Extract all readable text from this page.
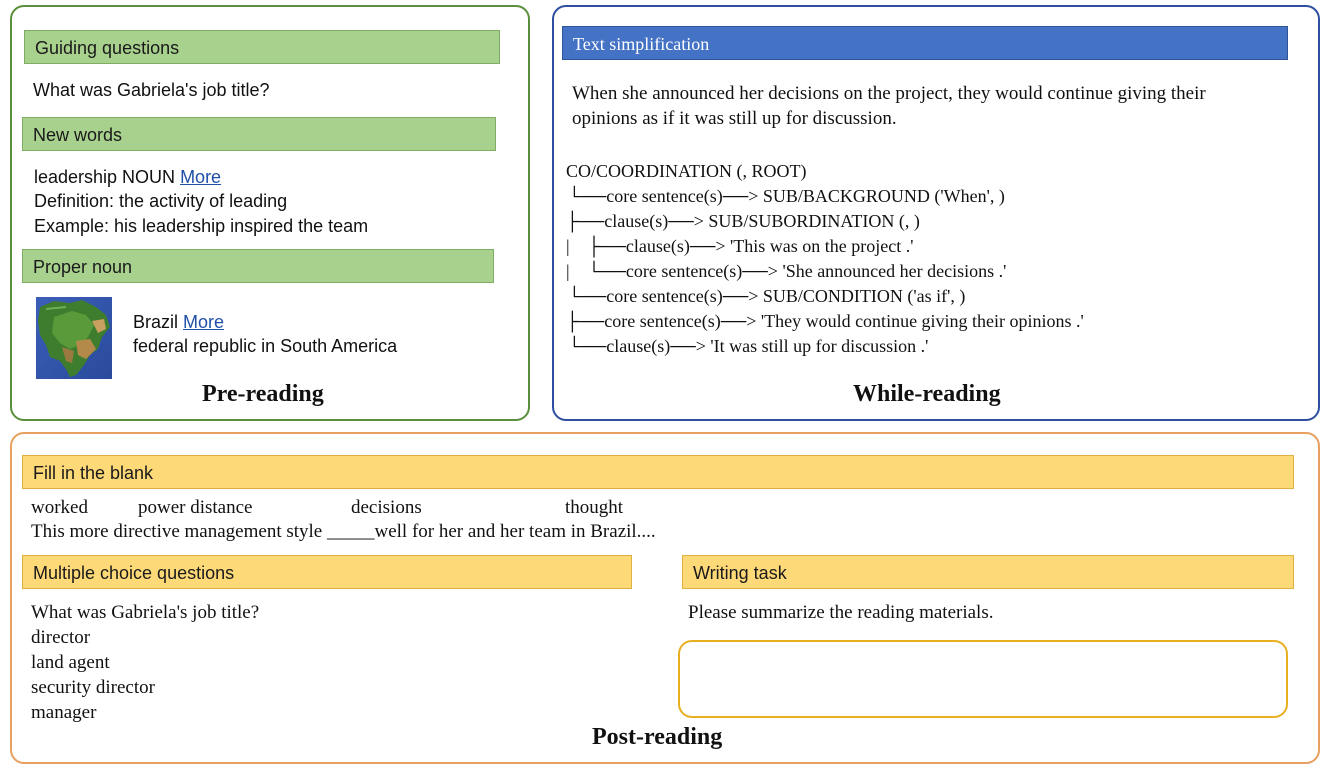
Guiding questions
What was Gabriela's job title?
New words
leadership NOUN More
Definition: the activity of leading
Example: his leadership inspired the team
Proper noun
Brazil More
federal republic in South America
Pre-reading
Text simplification
When she announced her decisions on the project, they would continue giving their
opinions as if it was still up for discussion.
CO/COORDINATION (, ROOT)
└──core sentence(s)──> SUB/BACKGROUND ('When', )
├──clause(s)──> SUB/SUBORDINATION (, )
|    ├──clause(s)──> 'This was on the project .'
|    └──core sentence(s)──> 'She announced her decisions .'
└──core sentence(s)──> SUB/CONDITION ('as if', )
├──core sentence(s)──> 'They would continue giving their opinions .'
└──clause(s)──> 'It was still up for discussion .'
While-reading
Fill in the blank
worked	power distance	decisions	thought
This more directive management style _____well for her and her team in Brazil....
Multiple choice questions
What was Gabriela's job title?
director
land agent
security director
manager
Writing task
Please summarize the reading materials.
Post-reading
